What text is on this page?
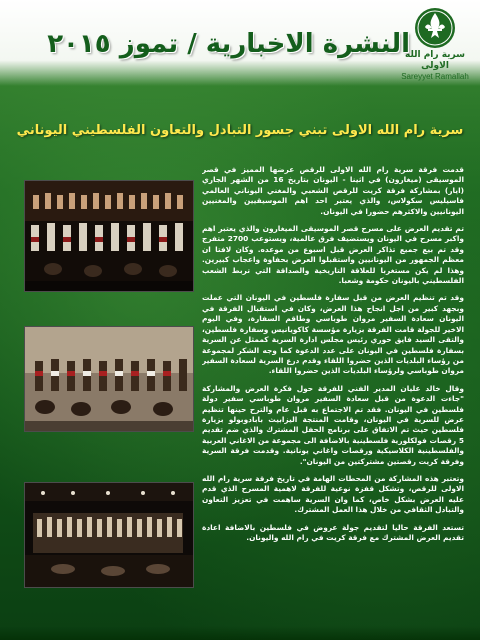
سرية رام الله الاولى
Sareyyet Ramallah
النشرة الاخبارية / تموز ٢٠١٥
سرية رام الله الاولى تبني جسور التبادل والتعاون الفلسطيني اليوناني

قدمت فرقة سرية رام الله الاولى للرقص عرضها المميز في قصر الموسيقى (ميغارون) في اثينا - اليونان بتاريخ 16 من الشهر الجاري (ايار) بمشاركة فرقة كريت للرقص الشعبي والمغني اليوناني العالمي فاسيليس سكولاس، والذي يعتبر احد اهم الموسيقيين والمغنيين اليونانيين والاكثرهم حضورا في اليونان.

تم تقديم العرض على مسرح قصر الموسيقى الميغارون والذي يعتبر اهم واكبر مسرح في اليونان ويستضيف فرق عالمية، ويستوعب 2700 متفرج وقد تم بيع جميع تذاكر العرض قبل اسبوع من موعده. وكان لافتا ان معظم الجمهور من اليونانيين واستقبلوا العرض بحفاوة واعجاب كبيرين. وهذا لم يكن مستغربا للعلاقة التاريخية والصداقة التي تربط الشعب الفلسطيني باليونان حكومة وشعبا.

وقد تم تنظيم العرض من قبل سفارة فلسطين في اليونان التي عملت وبجهد كبير من اجل انجاح هذا العرض، وكان في استقبال الفرقة في اليونان سعادة السفير مروان طوباسي وطاقم السفارة، وفي اليوم الاخير للجولة قامت الفرقة بزيارة مؤسسة كاكويانيس وسفارة فلسطين، والتقى السيد فايق حوري رئيس مجلس ادارة السرية كممثل عن السرية بسفارة فلسطين في اليونان على عدد الدعوة كما وجه الشكر لمجموعة من رؤساء البلديات الذين حضروا اللقاء وقدم درع السرية لسعادة السفير مروان طوباسي ولرؤساء البلديات الذين حضروا اللقاء.

وقال خالد عليان المدير الفني للفرقة حول فكرة العرض والمشاركة "جاءت الدعوة من قبل سعادة السفير مروان طوباسي سفير دولة فلسطين في اليونان. فقد تم الاجتماع به قبل عام والترح حينها تنظيم عرض للسرية في اليونان، وقامت المنتجة اليزابيث بابادوبولو بزيارة فلسطين حيث تم الاتفاق على برنامج الحفل المشترك والذي ضم تقديم 5 رقصات فولكلورية فلسطينية بالاضافة الى مجموعة من الاغاني العربية والفلسطينية الكلاسيكية ورقصات واغاني يونانية. وقدمت فرقة السرية وفرقة كريت رقصتين مشتركتين من اليونان".

وتعتبر هذه المشاركة من المحطات الهامة في تاريخ فرقة سرية رام الله الاولى للرقص، وتشكل قفزة نوعية للفرقة لاهمية المسرح الذي قدم عليه العرض بشكل خاص، كما وان السرية ساهمت في تعزيز التعاون والتبادل الثقافي من خلال هذا العمل المشترك.

تستعد الفرقة حاليا لتقديم جولة عروض في فلسطين بالاضافة اعادة تقديم العرض المشترك مع فرقة كريت في رام الله واليونان.
